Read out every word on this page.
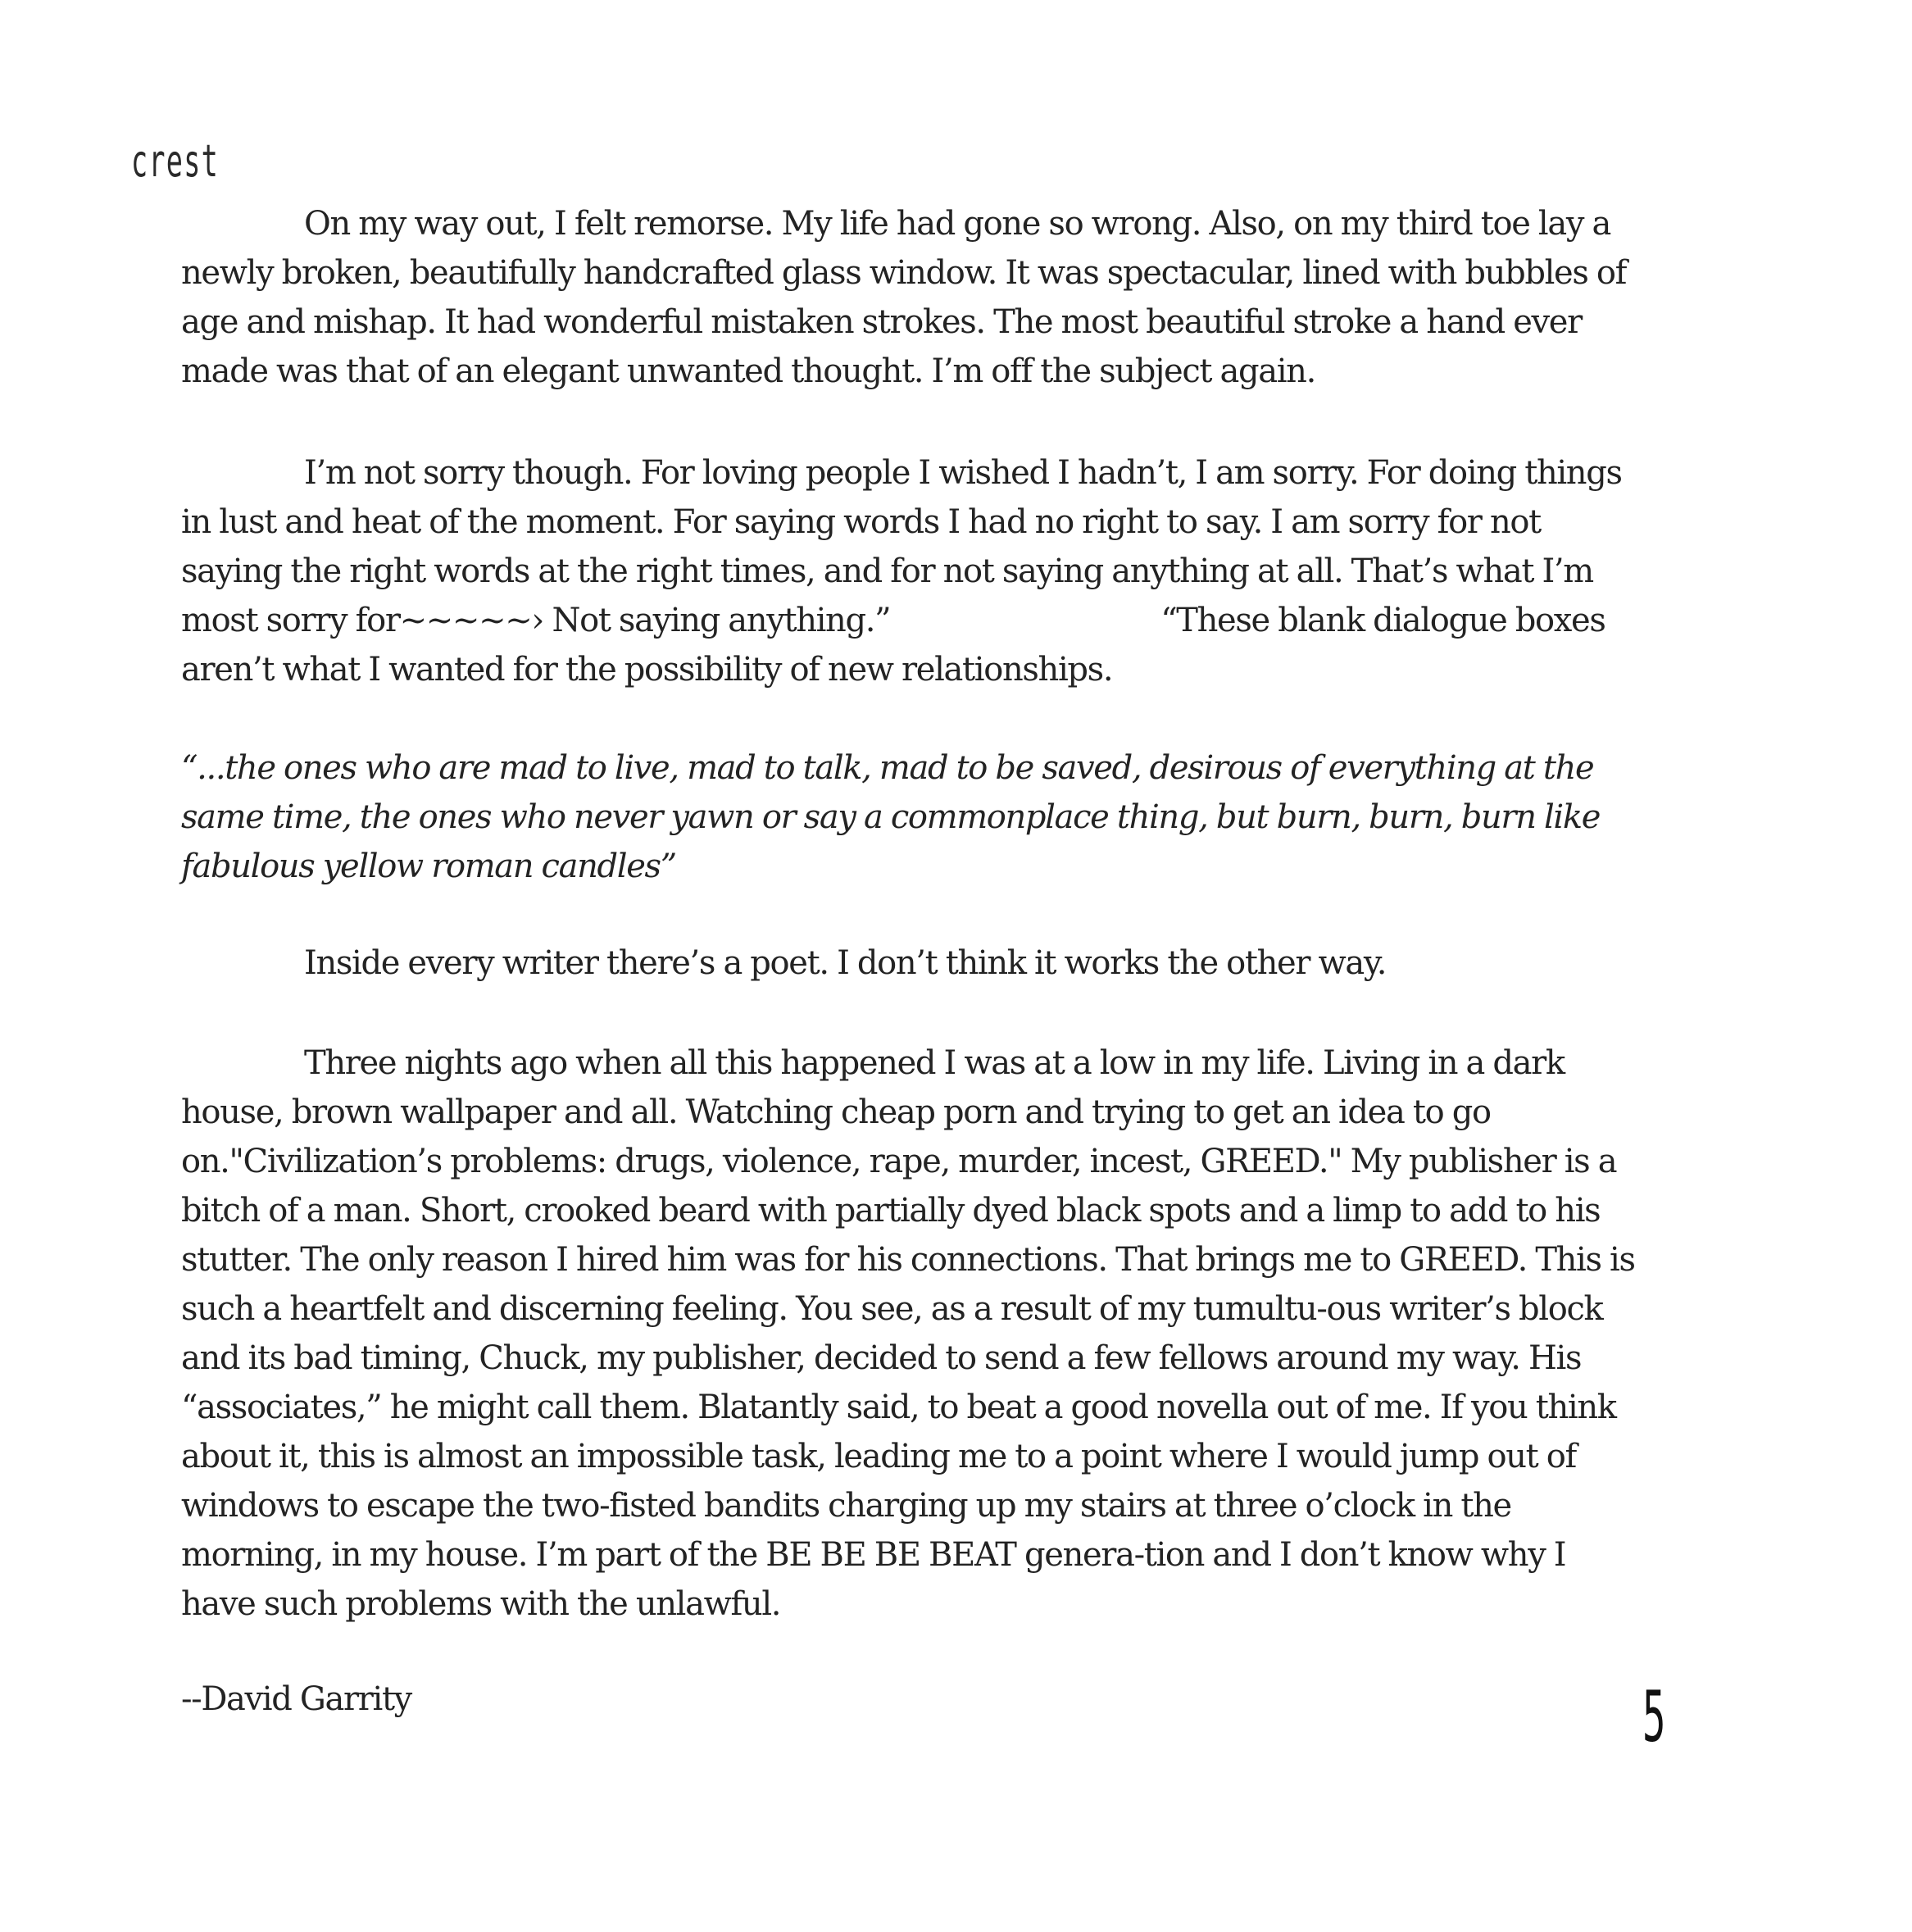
crest

On my way out, I felt remorse. My life had gone so wrong. Also, on my third toe lay a newly broken, beautifully handcrafted glass window. It was spectacular, lined with bubbles of age and mishap. It had wonderful mistaken strokes. The most beautiful stroke a hand ever made was that of an elegant unwanted thought. I’m off the subject again.

I’m not sorry though. For loving people I wished I hadn’t, I am sorry. For doing things in lust and heat of the moment. For saying words I had no right to say. I am sorry for not saying the right words at the right times, and for not saying anything at all. That’s what I’m most sorry for~~~~~› Not saying anything.”	“These blank dialogue boxes aren’t what I wanted for the possibility of new relationships.

“...the ones who are mad to live, mad to talk, mad to be saved, desirous of everything at the same time, the ones who never yawn or say a commonplace thing, but burn, burn, burn like fabulous yellow roman candles”

Inside every writer there’s a poet. I don’t think it works the other way.

Three nights ago when all this happened I was at a low in my life. Living in a dark house, brown wallpaper and all. Watching cheap porn and trying to get an idea to go on."Civilization’s problems: drugs, violence, rape, murder, incest, GREED." My publisher is a bitch of a man. Short, crooked beard with partially dyed black spots and a limp to add to his stutter. The only reason I hired him was for his connections. That brings me to GREED. This is such a heartfelt and discerning feeling. You see, as a result of my tumultu-ous writer’s block and its bad timing, Chuck, my publisher, decided to send a few fellows around my way. His “associates,” he might call them. Blatantly said, to beat a good novella out of me. If you think about it, this is almost an impossible task, leading me to a point where I would jump out of windows to escape the two-fisted bandits charging up my stairs at three o’clock in the morning, in my house. I’m part of the BE BE BE BEAT genera-tion and I don’t know why I have such problems with the unlawful.

--David Garrity	5
